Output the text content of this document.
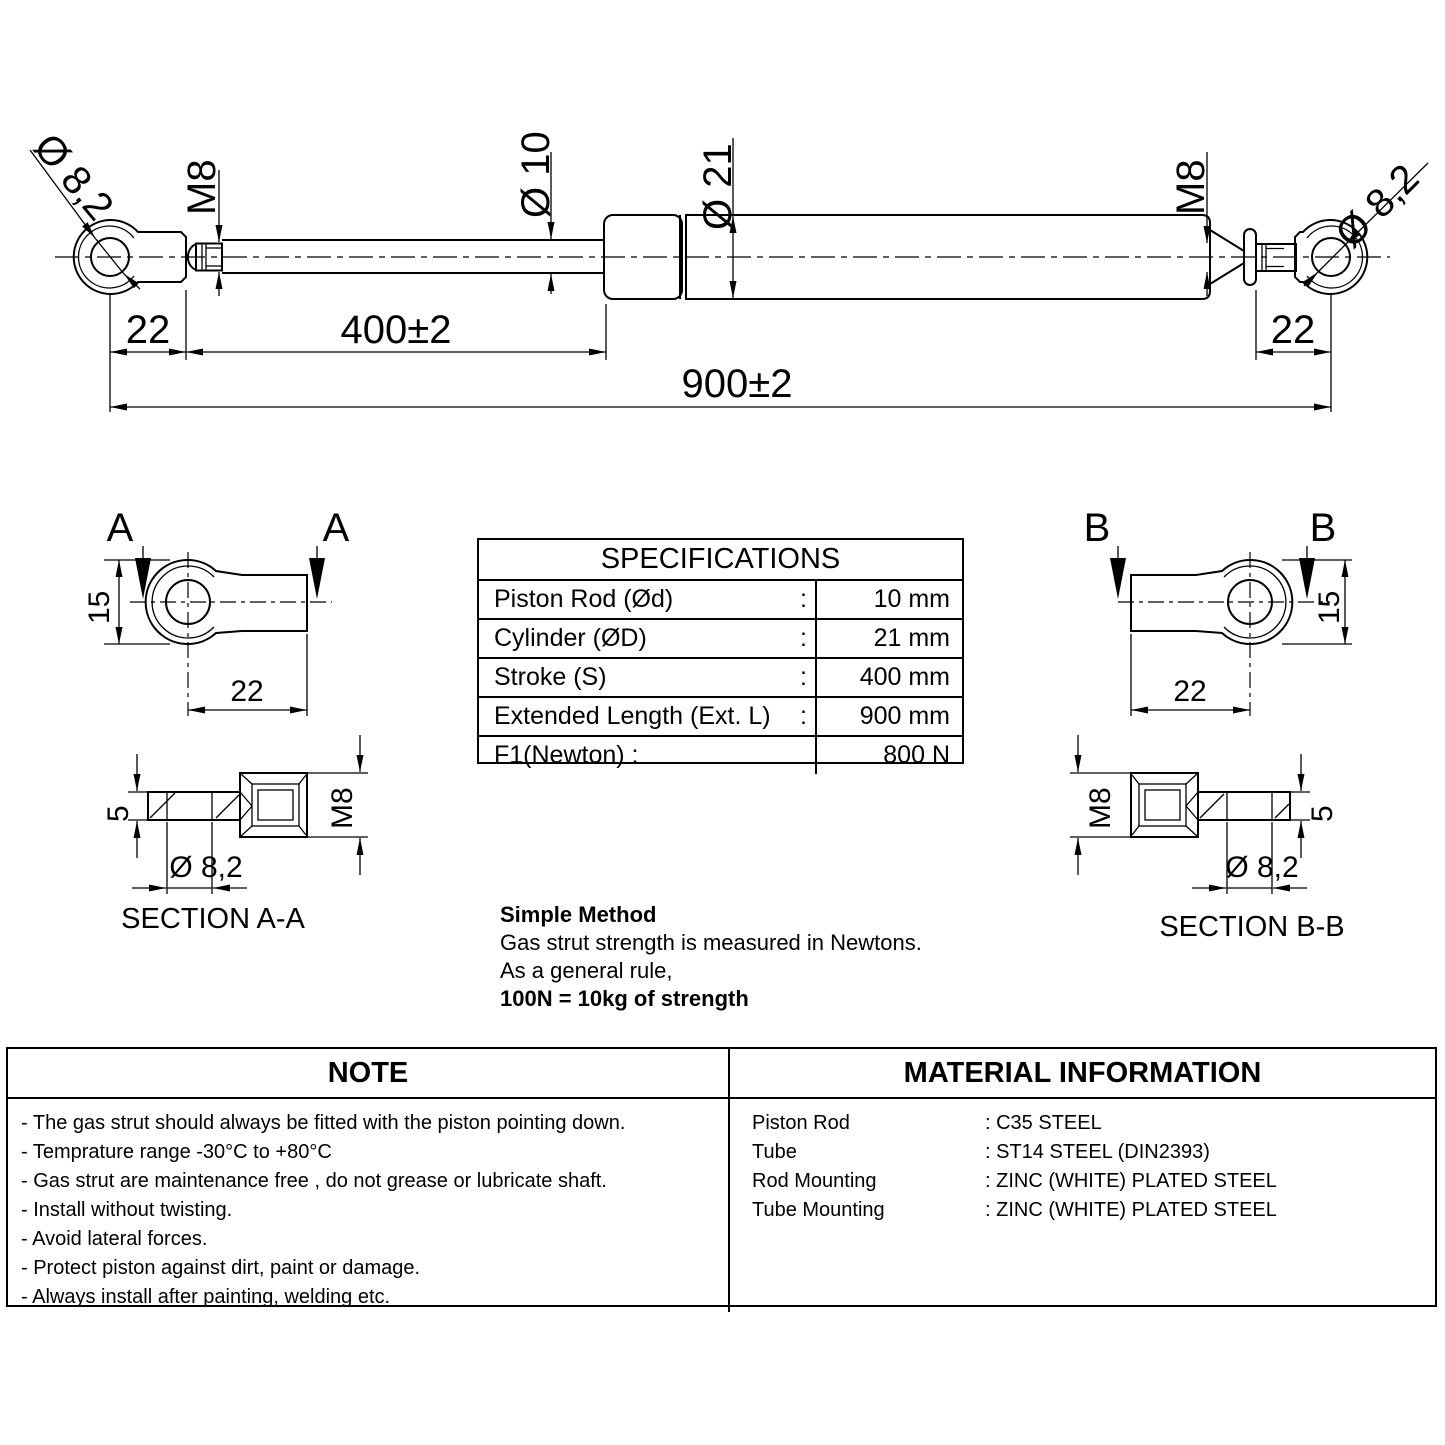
Ø 8,2 M8	Ø 10	Ø 21	M8	Ø 8,2
22	400±2	22
900±2
A	A
15
22
B	B
15
22
5	M8
Ø 8,2
SECTION A-A
M8	5
Ø 8,2
SECTION B-B
SPECIFICATIONS
Piston Rod (Ød)	:	10 mm
Cylinder (ØD)	:	21 mm
Stroke (S)	:	400 mm
Extended Length (Ext. L) :	900 mm
F1(Newton) :	800 N
Simple Method
Gas strut strength is measured in Newtons.
As a general rule,
100N = 10kg of strength
NOTE	MATERIAL INFORMATION
- The gas strut should always be fitted with the piston pointing down.
- Temprature range -30°C to +80°C
- Gas strut are maintenance free , do not grease or lubricate shaft.
- Install without twisting.
- Avoid lateral forces.
- Protect piston against dirt, paint or damage.
- Always install after painting, welding etc.
Piston Rod	: C35 STEEL
Tube	: ST14 STEEL (DIN2393)
Rod Mounting	: ZINC (WHITE) PLATED STEEL
Tube Mounting	: ZINC (WHITE) PLATED STEEL
